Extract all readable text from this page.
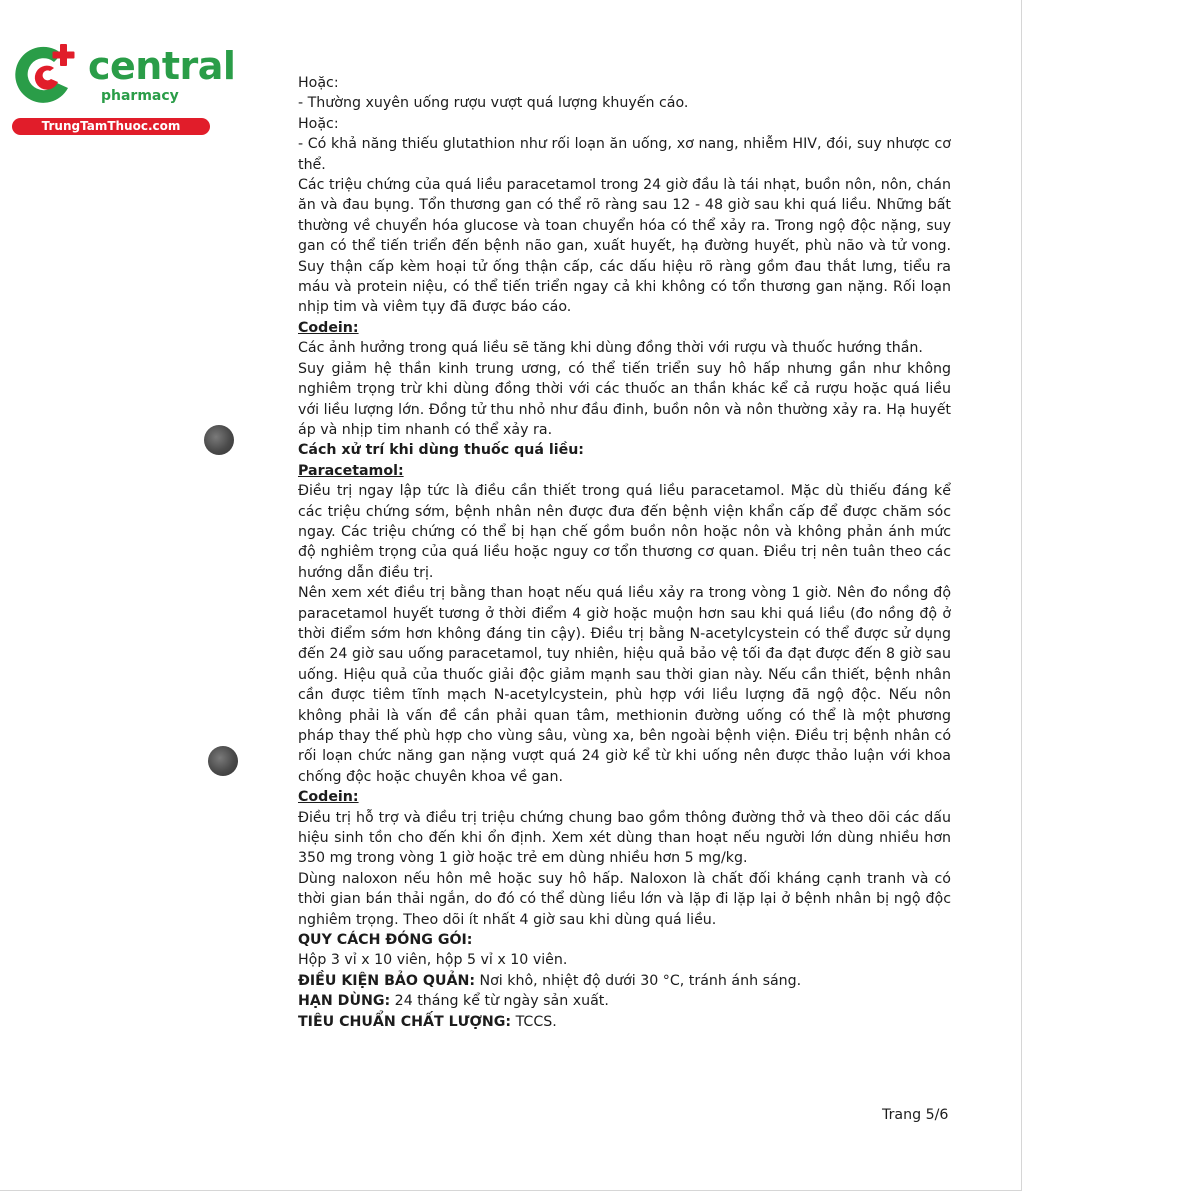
central
pharmacy
TrungTamThuoc.com

Hoặc:

- Thường xuyên uống rượu vượt quá lượng khuyến cáo.

Hoặc:

- Có khả năng thiếu glutathion như rối loạn ăn uống, xơ nang, nhiễm HIV, đói, suy nhược cơ thể.

Các triệu chứng của quá liều paracetamol trong 24 giờ đầu là tái nhạt, buồn nôn, nôn, chán ăn và đau bụng. Tổn thương gan có thể rõ ràng sau 12 - 48 giờ sau khi quá liều. Những bất thường về chuyển hóa glucose và toan chuyển hóa có thể xảy ra. Trong ngộ độc nặng, suy gan có thể tiến triển đến bệnh não gan, xuất huyết, hạ đường huyết, phù não và tử vong. Suy thận cấp kèm hoại tử ống thận cấp, các dấu hiệu rõ ràng gồm đau thắt lưng, tiểu ra máu và protein niệu, có thể tiến triển ngay cả khi không có tổn thương gan nặng. Rối loạn nhịp tim và viêm tụy đã được báo cáo.

Codein:

Các ảnh hưởng trong quá liều sẽ tăng khi dùng đồng thời với rượu và thuốc hướng thần.

Suy giảm hệ thần kinh trung ương, có thể tiến triển suy hô hấp nhưng gần như không nghiêm trọng trừ khi dùng đồng thời với các thuốc an thần khác kể cả rượu hoặc quá liều với liều lượng lớn. Đồng tử thu nhỏ như đầu đinh, buồn nôn và nôn thường xảy ra. Hạ huyết áp và nhịp tim nhanh có thể xảy ra.

Cách xử trí khi dùng thuốc quá liều:

Paracetamol:

Điều trị ngay lập tức là điều cần thiết trong quá liều paracetamol. Mặc dù thiếu đáng kể các triệu chứng sớm, bệnh nhân nên được đưa đến bệnh viện khẩn cấp để được chăm sóc ngay. Các triệu chứng có thể bị hạn chế gồm buồn nôn hoặc nôn và không phản ánh mức độ nghiêm trọng của quá liều hoặc nguy cơ tổn thương cơ quan. Điều trị nên tuân theo các hướng dẫn điều trị.

Nên xem xét điều trị bằng than hoạt nếu quá liều xảy ra trong vòng 1 giờ. Nên đo nồng độ paracetamol huyết tương ở thời điểm 4 giờ hoặc muộn hơn sau khi quá liều (đo nồng độ ở thời điểm sớm hơn không đáng tin cậy). Điều trị bằng N-acetylcystein có thể được sử dụng đến 24 giờ sau uống paracetamol, tuy nhiên, hiệu quả bảo vệ tối đa đạt được đến 8 giờ sau uống. Hiệu quả của thuốc giải độc giảm mạnh sau thời gian này. Nếu cần thiết, bệnh nhân cần được tiêm tĩnh mạch N-acetylcystein, phù hợp với liều lượng đã ngộ độc. Nếu nôn không phải là vấn đề cần phải quan tâm, methionin đường uống có thể là một phương pháp thay thế phù hợp cho vùng sâu, vùng xa, bên ngoài bệnh viện. Điều trị bệnh nhân có rối loạn chức năng gan nặng vượt quá 24 giờ kể từ khi uống nên được thảo luận với khoa chống độc hoặc chuyên khoa về gan.

Codein:

Điều trị hỗ trợ và điều trị triệu chứng chung bao gồm thông đường thở và theo dõi các dấu hiệu sinh tồn cho đến khi ổn định. Xem xét dùng than hoạt nếu người lớn dùng nhiều hơn 350 mg trong vòng 1 giờ hoặc trẻ em dùng nhiều hơn 5 mg/kg.

Dùng naloxon nếu hôn mê hoặc suy hô hấp. Naloxon là chất đối kháng cạnh tranh và có thời gian bán thải ngắn, do đó có thể dùng liều lớn và lặp đi lặp lại ở bệnh nhân bị ngộ độc nghiêm trọng. Theo dõi ít nhất 4 giờ sau khi dùng quá liều.

QUY CÁCH ĐÓNG GÓI:

Hộp 3 vỉ x 10 viên, hộp 5 vỉ x 10 viên.

ĐIỀU KIỆN BẢO QUẢN: Nơi khô, nhiệt độ dưới 30 °C, tránh ánh sáng.

HẠN DÙNG: 24 tháng kể từ ngày sản xuất.

TIÊU CHUẨN CHẤT LƯỢNG: TCCS.

Trang 5/6
